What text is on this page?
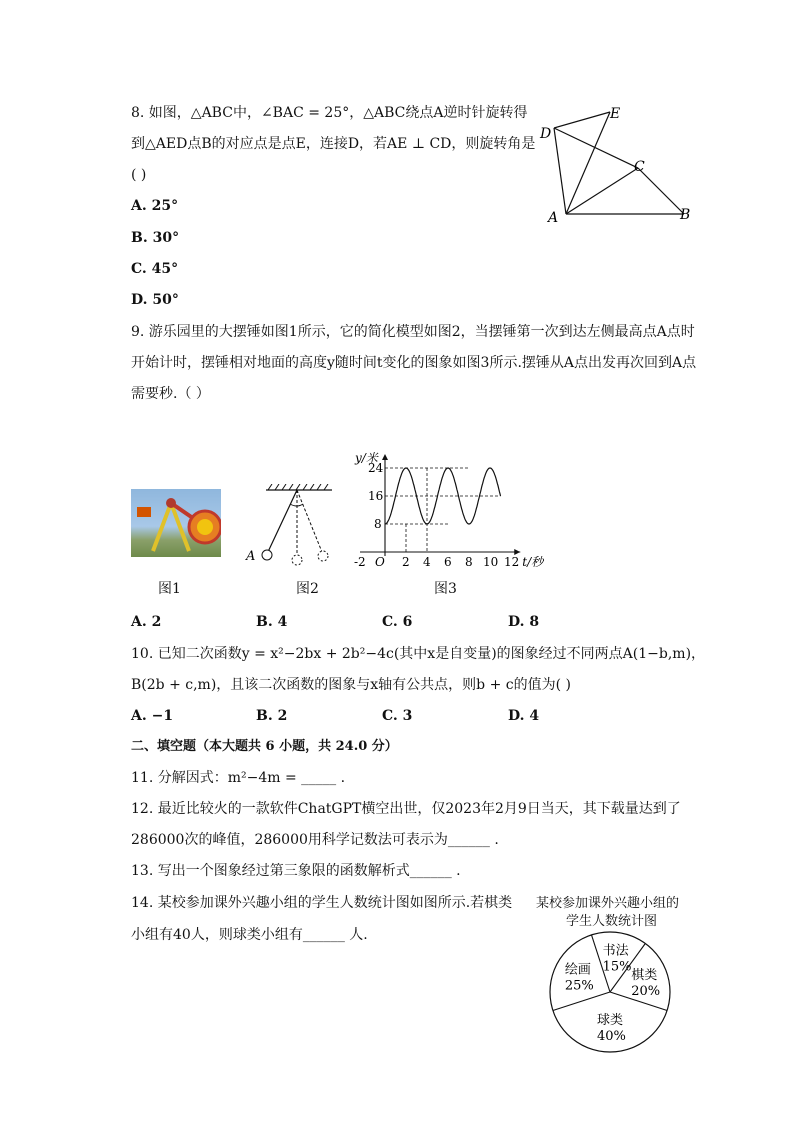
8. 如图，△ABC中，∠BAC = 25°，△ABC绕点A逆时针旋转得
到△AED点B的对应点是点E，连接D，若AE ⊥ CD，则旋转角是
( )
A. 25°
B. 30°
C. 45°
D. 50°
D
E
C
A	B
9. 游乐园里的大摆锤如图1所示，它的简化模型如图2，当摆锤第一次到达左侧最高点A点时
开始计时，摆锤相对地面的高度y随时间t变化的图象如图3所示.摆锤从A点出发再次回到A点
需要秒.（ ）
图1
A
图2
y/米
t/秒
O
-2	2 4 6 8 10 12
8
16
24
图3
A. 2	B. 4	C. 6	D. 8
10. 已知二次函数y = x²−2bx + 2b²−4c(其中x是自变量)的图象经过不同两点A(1−b,m)，
B(2b + c,m)，且该二次函数的图象与x轴有公共点，则b + c的值为( )
A. −1	B. 2	C. 3	D. 4
二、填空题（本大题共 6 小题，共 24.0 分）
11. 分解因式：m²−4m = _____ .
12. 最近比较火的一款软件ChatGPT横空出世，仅2023年2月9日当天，其下载量达到了
286000次的峰值，286000用科学记数法可表示为______ .
13. 写出一个图象经过第三象限的函数解析式______ .
14. 某校参加课外兴趣小组的学生人数统计图如图所示.若棋类
小组有40人，则球类小组有______ 人.
某校参加课外兴趣小组的
学生人数统计图
书法
15%
棋类
20%
球类
40%
绘画
25%
